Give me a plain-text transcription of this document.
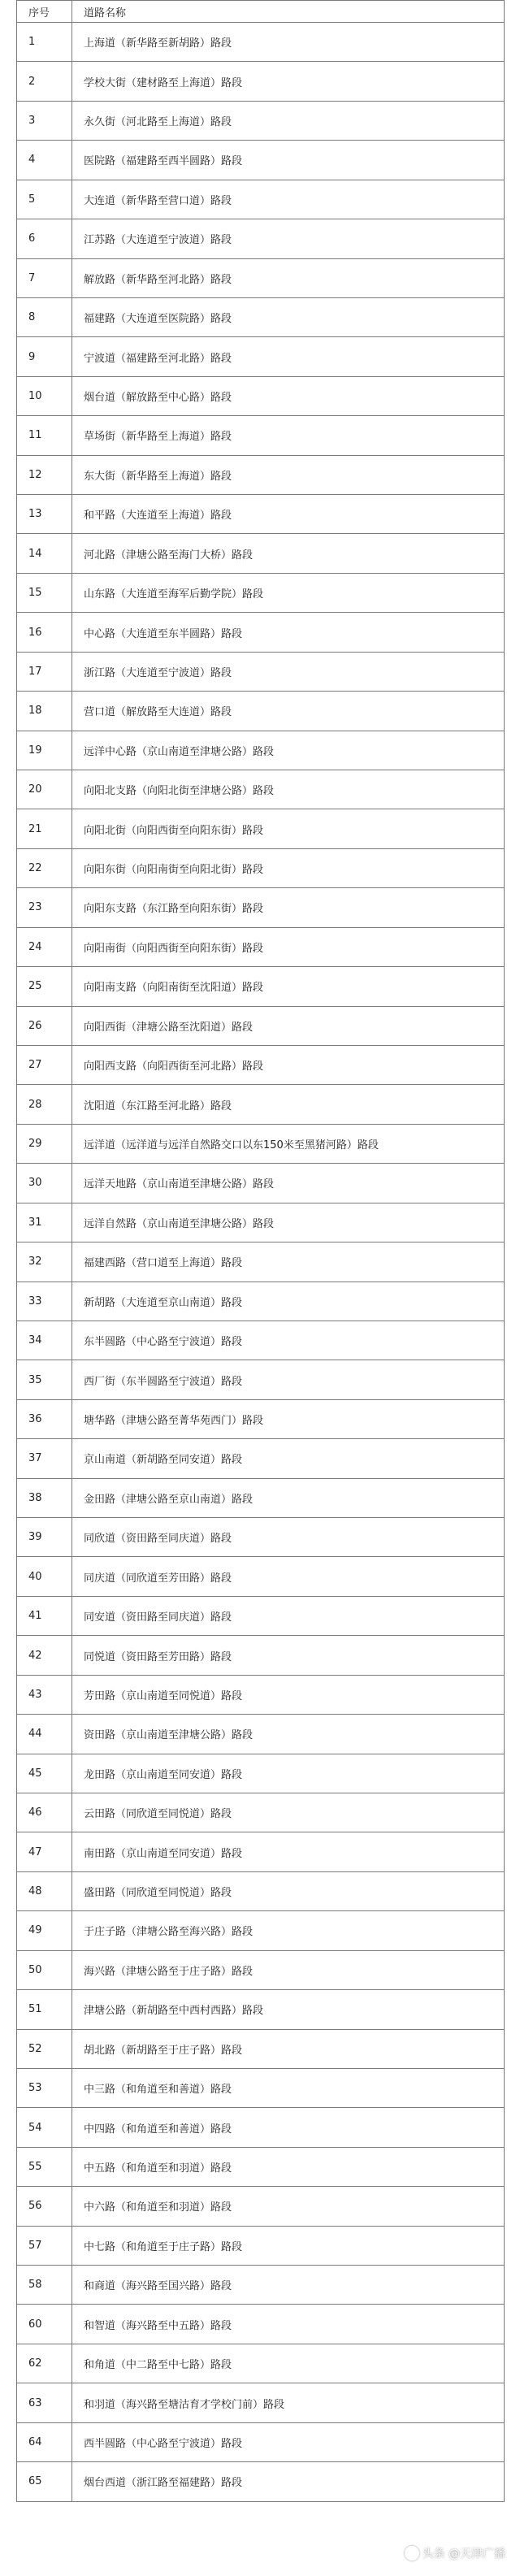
序号	道路名称
1	上海道（新华路至新胡路）路段
2	学校大街（建材路至上海道）路段
3	永久街（河北路至上海道）路段
4	医院路（福建路至西半圆路）路段
5	大连道（新华路至营口道）路段
6	江苏路（大连道至宁波道）路段
7	解放路（新华路至河北路）路段
8	福建路（大连道至医院路）路段
9	宁波道（福建路至河北路）路段
10	烟台道（解放路至中心路）路段
11	草场街（新华路至上海道）路段
12	东大街（新华路至上海道）路段
13	和平路（大连道至上海道）路段
14	河北路（津塘公路至海门大桥）路段
15	山东路（大连道至海军后勤学院）路段
16	中心路（大连道至东半圆路）路段
17	浙江路（大连道至宁波道）路段
18	营口道（解放路至大连道）路段
19	远洋中心路（京山南道至津塘公路）路段
20	向阳北支路（向阳北街至津塘公路）路段
21	向阳北街（向阳西街至向阳东街）路段
22	向阳东街（向阳南街至向阳北街）路段
23	向阳东支路（东江路至向阳东街）路段
24	向阳南街（向阳西街至向阳东街）路段
25	向阳南支路（向阳南街至沈阳道）路段
26	向阳西街（津塘公路至沈阳道）路段
27	向阳西支路（向阳西街至河北路）路段
28	沈阳道（东江路至河北路）路段
29	远洋道（远洋道与远洋自然路交口以东150米至黑猪河路）路段
30	远洋天地路（京山南道至津塘公路）路段
31	远洋自然路（京山南道至津塘公路）路段
32	福建西路（营口道至上海道）路段
33	新胡路（大连道至京山南道）路段
34	东半圆路（中心路至宁波道）路段
35	西厂街（东半圆路至宁波道）路段
36	塘华路（津塘公路至菁华苑西门）路段
37	京山南道（新胡路至同安道）路段
38	金田路（津塘公路至京山南道）路段
39	同欣道（资田路至同庆道）路段
40	同庆道（同欣道至芳田路）路段
41	同安道（资田路至同庆道）路段
42	同悦道（资田路至芳田路）路段
43	芳田路（京山南道至同悦道）路段
44	资田路（京山南道至津塘公路）路段
45	龙田路（京山南道至同安道）路段
46	云田路（同欣道至同悦道）路段
47	南田路（京山南道至同安道）路段
48	盛田路（同欣道至同悦道）路段
49	于庄子路（津塘公路至海兴路）路段
50	海兴路（津塘公路至于庄子路）路段
51	津塘公路（新胡路至中西村西路）路段
52	胡北路（新胡路至于庄子路）路段
53	中三路（和角道至和善道）路段
54	中四路（和角道至和善道）路段
55	中五路（和角道至和羽道）路段
56	中六路（和角道至和羽道）路段
57	中七路（和角道至于庄子路）路段
58	和商道（海兴路至国兴路）路段
60	和智道（海兴路至中五路）路段
62	和角道（中二路至中七路）路段
63	和羽道（海兴路至塘沽育才学校门前）路段
64	西半圆路（中心路至宁波道）路段
65	烟台西道（浙江路至福建路）路段
头条 @天津广播
